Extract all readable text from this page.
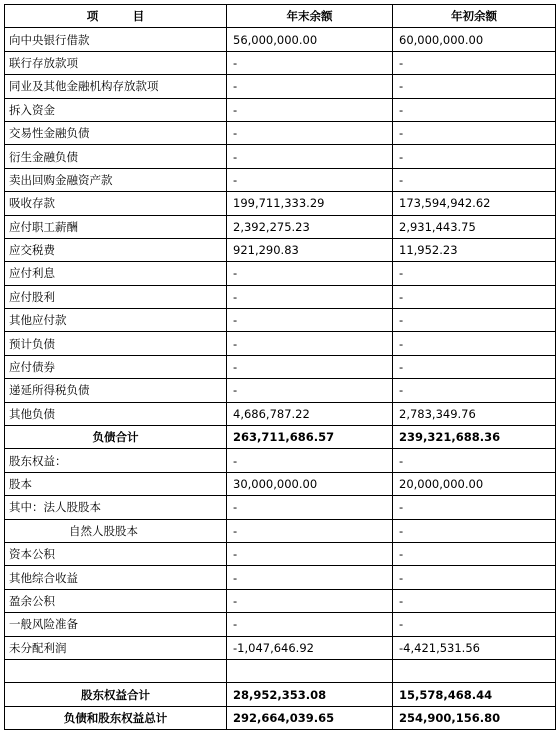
项　　　目	年末余额	年初余额
向中央银行借款	56,000,000.00	60,000,000.00
联行存放款项	-	-
同业及其他金融机构存放款项	-	-
拆入资金	-	-
交易性金融负债	-	-
衍生金融负债	-	-
卖出回购金融资产款	-	-
吸收存款	199,711,333.29	173,594,942.62
应付职工薪酬	2,392,275.23	2,931,443.75
应交税费	921,290.83	11,952.23
应付利息	-	-
应付股利	-	-
其他应付款	-	-
预计负债	-	-
应付债券	-	-
递延所得税负债	-	-
其他负债	4,686,787.22	2,783,349.76
负债合计	263,711,686.57	239,321,688.36
股东权益：	-	-
股本	30,000,000.00	20,000,000.00
其中：法人股股本	-	-
自然人股股本	-	-
资本公积	-	-
其他综合收益	-	-
盈余公积	-	-
一般风险准备	-	-
未分配利润	-1,047,646.92	-4,421,531.56

股东权益合计	28,952,353.08	15,578,468.44
负债和股东权益总计	292,664,039.65	254,900,156.80
